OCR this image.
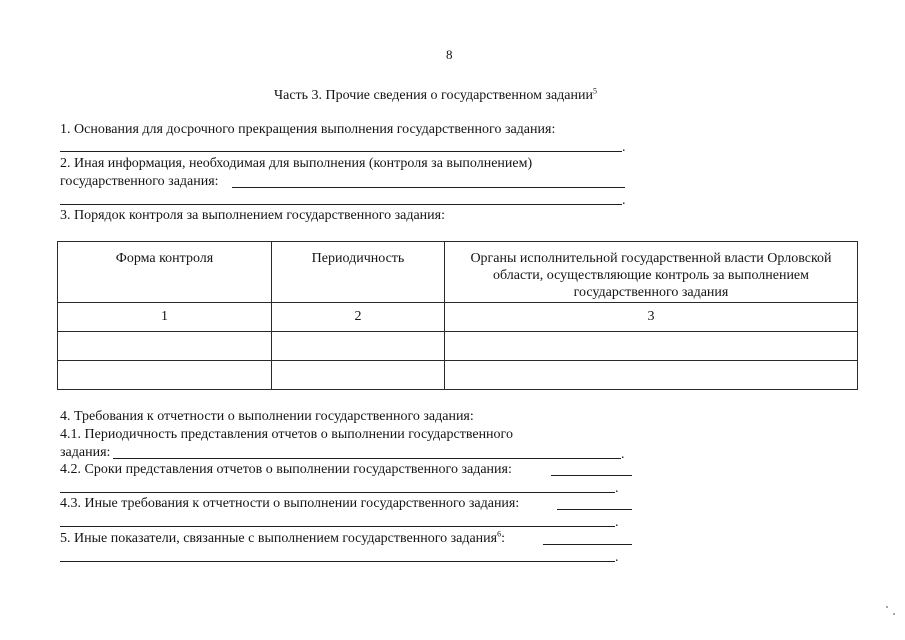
8
Часть 3. Прочие сведения о государственном задании$^5$
1. Основания для досрочного прекращения выполнения государственного задания:
.
2. Иная информация, необходимая для выполнения (контроля за выполнением)
государственного задания:
.
3. Порядок контроля за выполнением государственного задания:
Форма контроля	Периодичность	Органы исполнительной государственной власти Орловской области, осуществляющие контроль за выполнением государственного задания

1	2	3

4. Требования к отчетности о выполнении государственного задания:
4.1. Периодичность представления отчетов о выполнении государственного
задания:	.
4.2. Сроки представления отчетов о выполнении государственного задания:
.
4.3. Иные требования к отчетности о выполнении государственного задания:
.
5. Иные показатели, связанные с выполнением государственного задания$^6$:
.
